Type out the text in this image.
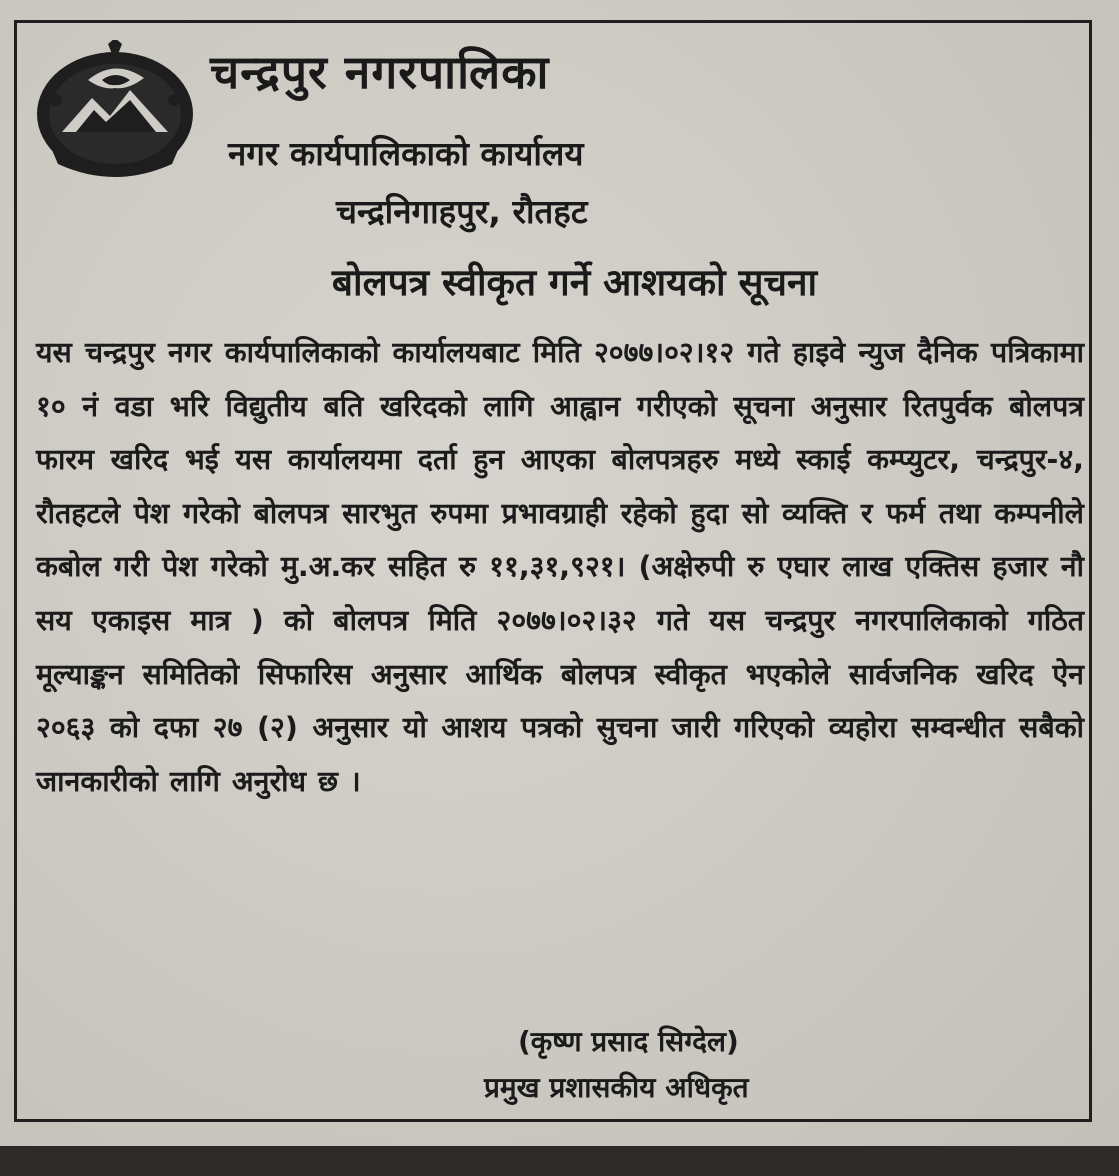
चन्द्रपुर नगरपालिका
नगर कार्यपालिकाको कार्यालय
चन्द्रनिगाहपुर, रौतहट
बोलपत्र स्वीकृत गर्ने आशयको सूचना
यस चन्द्रपुर नगर कार्यपालिकाको कार्यालयबाट मिति २०७७।०२।१२ गते हाइवे न्युज दैनिक पत्रिकामा १० नं वडा भरि विद्युतीय बति खरिदको लागि आह्वान गरीएको सूचना अनुसार रितपुर्वक बोलपत्र फारम खरिद भई यस कार्यालयमा दर्ता हुन आएका बोलपत्रहरु मध्ये स्काई कम्प्युटर, चन्द्रपुर-४, रौतहटले पेश गरेको बोलपत्र सारभुत रुपमा प्रभावग्राही रहेको हुदा सो व्यक्ति र फर्म तथा कम्पनीले कबोल गरी पेश गरेको मु.अ.कर सहित रु ११,३१,९२१। (अक्षेरुपी रु एघार लाख एक्तिस हजार नौ सय एकाइस मात्र ) को बोलपत्र मिति २०७७।०२।३२ गते यस चन्द्रपुर नगरपालिकाको गठित मूल्याङ्कन समितिको सिफारिस अनुसार आर्थिक बोलपत्र स्वीकृत भएकोले सार्वजनिक खरिद ऐन २०६३ को दफा २७ (२) अनुसार यो आशय पत्रको सुचना जारी गरिएको व्यहोरा सम्वन्धीत सबैको जानकारीको लागि अनुरोध छ ।
(कृष्ण प्रसाद सिग्देल)
प्रमुख प्रशासकीय अधिकृत
